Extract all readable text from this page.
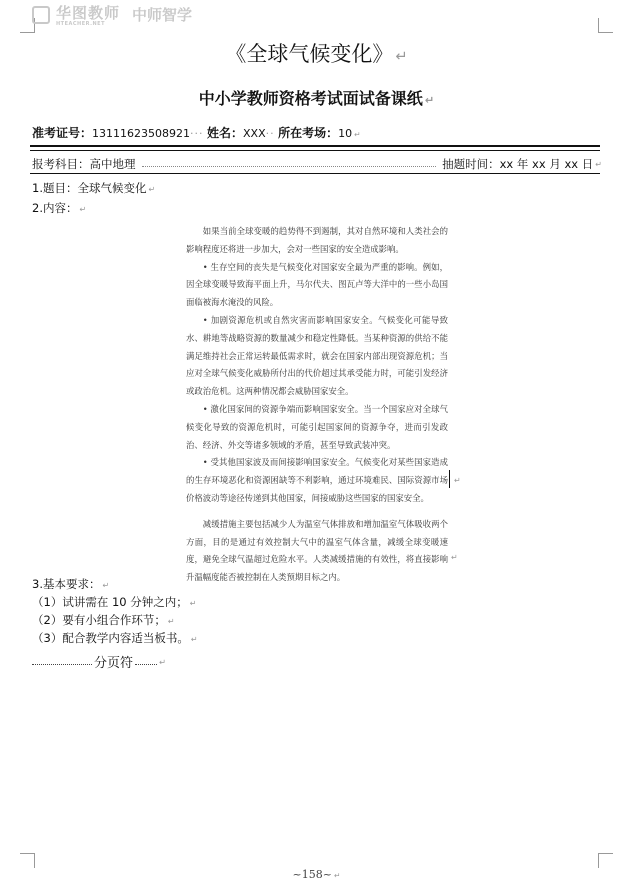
华图教师
HTEACHER.NET	中师智学
《全球气候变化》 ↵
中小学教师资格考试面试备课纸 ↵
准考证号：13111623508921··· 姓名：XXX·· 所在考场：10 ↵
报考科目：高中地理	抽题时间：xx 年 xx 月 xx 日 ↵
1.题目：全球气候变化 ↵
2.内容： ↵

如果当前全球变暖的趋势得不到遏制，其对自然环境和人类社会的影响程度还将进一步加大，会对一些国家的安全造成影响。

• 生存空间的丧失是气候变化对国家安全最为严重的影响。例如，因全球变暖导致海平面上升，马尔代夫、图瓦卢等大洋中的一些小岛国面临被海水淹没的风险。

• 加剧资源危机或自然灾害而影响国家安全。气候变化可能导致水、耕地等战略资源的数量减少和稳定性降低。当某种资源的供给不能满足维持社会正常运转最低需求时，就会在国家内部出现资源危机；当应对全球气候变化威胁所付出的代价超过其承受能力时，可能引发经济或政治危机。这两种情况都会威胁国家安全。

• 激化国家间的资源争端而影响国家安全。当一个国家应对全球气候变化导致的资源危机时，可能引起国家间的资源争夺，进而引发政治、经济、外交等诸多领域的矛盾，甚至导致武装冲突。

• 受其他国家波及而间接影响国家安全。气候变化对某些国家造成的生存环境恶化和资源困缺等不利影响，通过环境难民、国际资源市场价格波动等途径传递到其他国家，间接威胁这些国家的国家安全。

减缓措施主要包括减少人为温室气体排放和增加温室气体吸收两个方面，目的是通过有效控制大气中的温室气体含量，减缓全球变暖速度，避免全球气温超过危险水平。人类减缓措施的有效性，将直接影响升温幅度能否被控制在人类预期目标之内。

↵
↵
3.基本要求： ↵
（1）试讲需在 10 分钟之内； ↵
（2）要有小组合作环节； ↵
（3）配合教学内容适当板书。 ↵
分页符	↵
~158~ ↵
